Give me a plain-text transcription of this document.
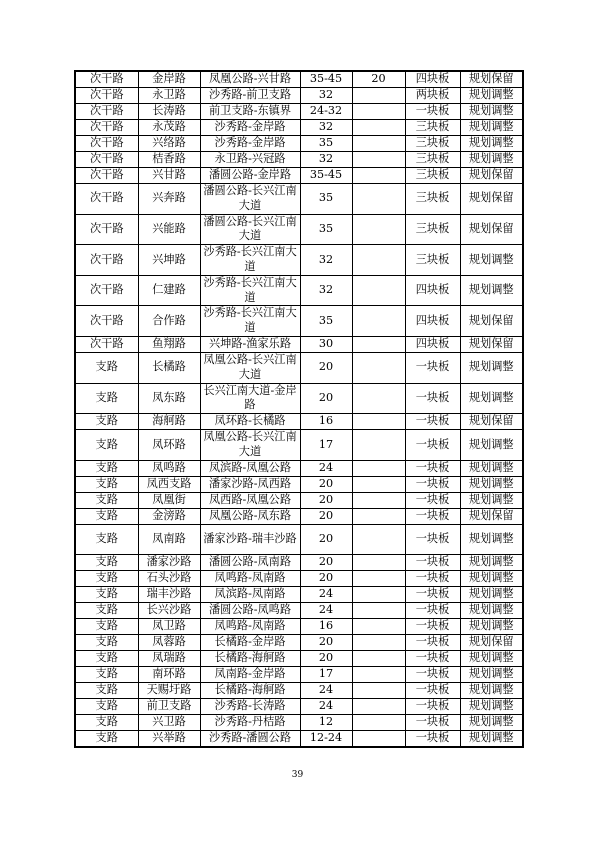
次干路	金岸路	凤凰公路-兴甘路	35-45	20	四块板	规划保留
次干路	永卫路	沙秀路-前卫支路	32		两块板	规划调整
次干路	长涛路	前卫支路-东镇界	24-32		一块板	规划调整
次干路	永茂路	沙秀路-金岸路	32		三块板	规划调整
次干路	兴络路	沙秀路-金岸路	35		三块板	规划调整
次干路	桔香路	永卫路-兴冠路	32		三块板	规划调整
次干路	兴甘路	潘圆公路-金岸路	35-45		三块板	规划保留
次干路	兴奔路	潘圆公路-长兴江南大道	35		三块板	规划保留
次干路	兴能路	潘圆公路-长兴江南大道	35		三块板	规划保留
次干路	兴坤路	沙秀路-长兴江南大道	32		三块板	规划调整
次干路	仁建路	沙秀路-长兴江南大道	32		四块板	规划调整
次干路	合作路	沙秀路-长兴江南大道	35		四块板	规划保留
次干路	鱼翔路	兴坤路-渔家乐路	30		四块板	规划保留
支路	长橘路	凤凰公路-长兴江南大道	20		一块板	规划调整
支路	凤东路	长兴江南大道-金岸路	20		一块板	规划调整
支路	海舸路	凤环路-长橘路	16		一块板	规划保留
支路	凤环路	凤凰公路-长兴江南大道	17		一块板	规划调整
支路	凤鸣路	凤滨路-凤凰公路	24		一块板	规划调整
支路	凤西支路	潘家沙路-凤西路	20		一块板	规划调整
支路	凤凰街	凤西路-凤凰公路	20		一块板	规划调整
支路	金滂路	凤凰公路-凤东路	20		一块板	规划保留
支路	凤南路	潘家沙路-瑞丰沙路	20		一块板	规划调整
支路	潘家沙路	潘圆公路-凤南路	20		一块板	规划调整
支路	石头沙路	凤鸣路-凤南路	20		一块板	规划调整
支路	瑞丰沙路	凤滨路-凤南路	24		一块板	规划调整
支路	长兴沙路	潘圆公路-凤鸣路	24		一块板	规划调整
支路	凤卫路	凤鸣路-凤南路	16		一块板	规划调整
支路	凤蓉路	长橘路-金岸路	20		一块板	规划保留
支路	凤瑞路	长橘路-海舸路	20		一块板	规划调整
支路	南环路	凤南路-金岸路	17		一块板	规划调整
支路	天赐圩路	长橘路-海舸路	24		一块板	规划调整
支路	前卫支路	沙秀路-长涛路	24		一块板	规划调整
支路	兴卫路	沙秀路-丹桔路	12		一块板	规划调整
支路	兴举路	沙秀路-潘圆公路	12-24		一块板	规划调整
39
